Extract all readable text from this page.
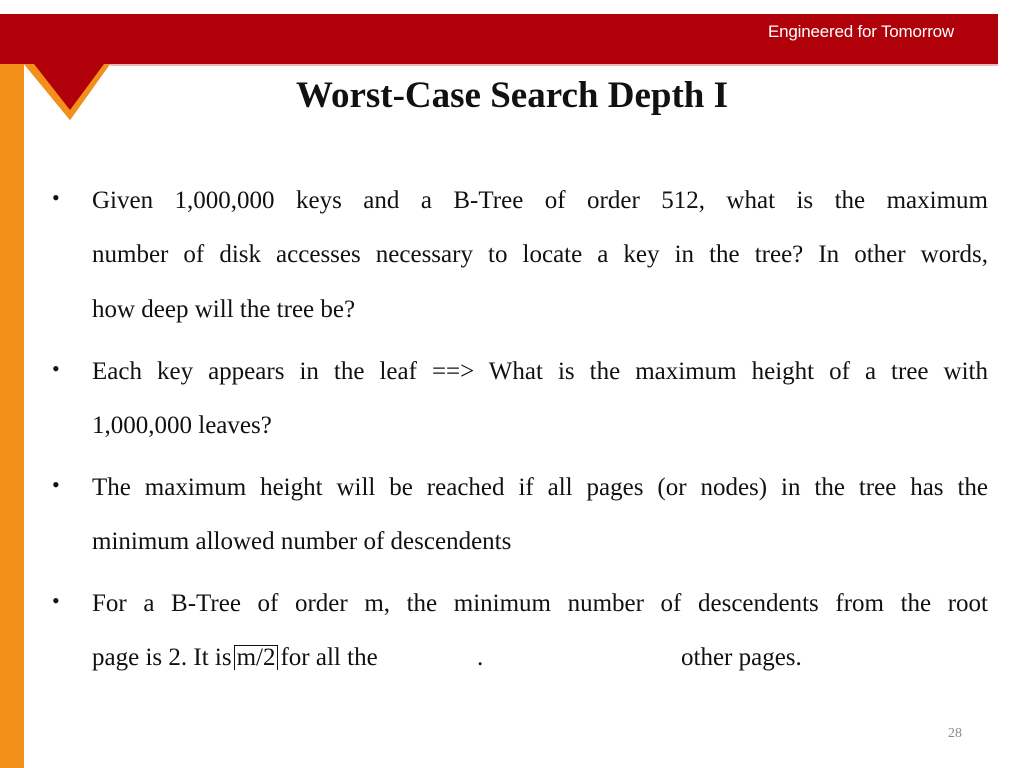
Engineered for Tomorrow
Worst-Case Search Depth I
• Given 1,000,000 keys and a B-Tree of order 512, what is the maximum
number of disk accesses necessary to locate a key in the tree? In other words,
how deep will the tree be?
• Each key appears in the leaf ==> What is the maximum height of a tree with
1,000,000 leaves?
• The maximum height will be reached if all pages (or nodes) in the tree has the
minimum allowed number of descendents
• For a B-Tree of order m, the minimum number of descendents from the root
page is 2. It is m/2 for all the	.	other pages.
28
